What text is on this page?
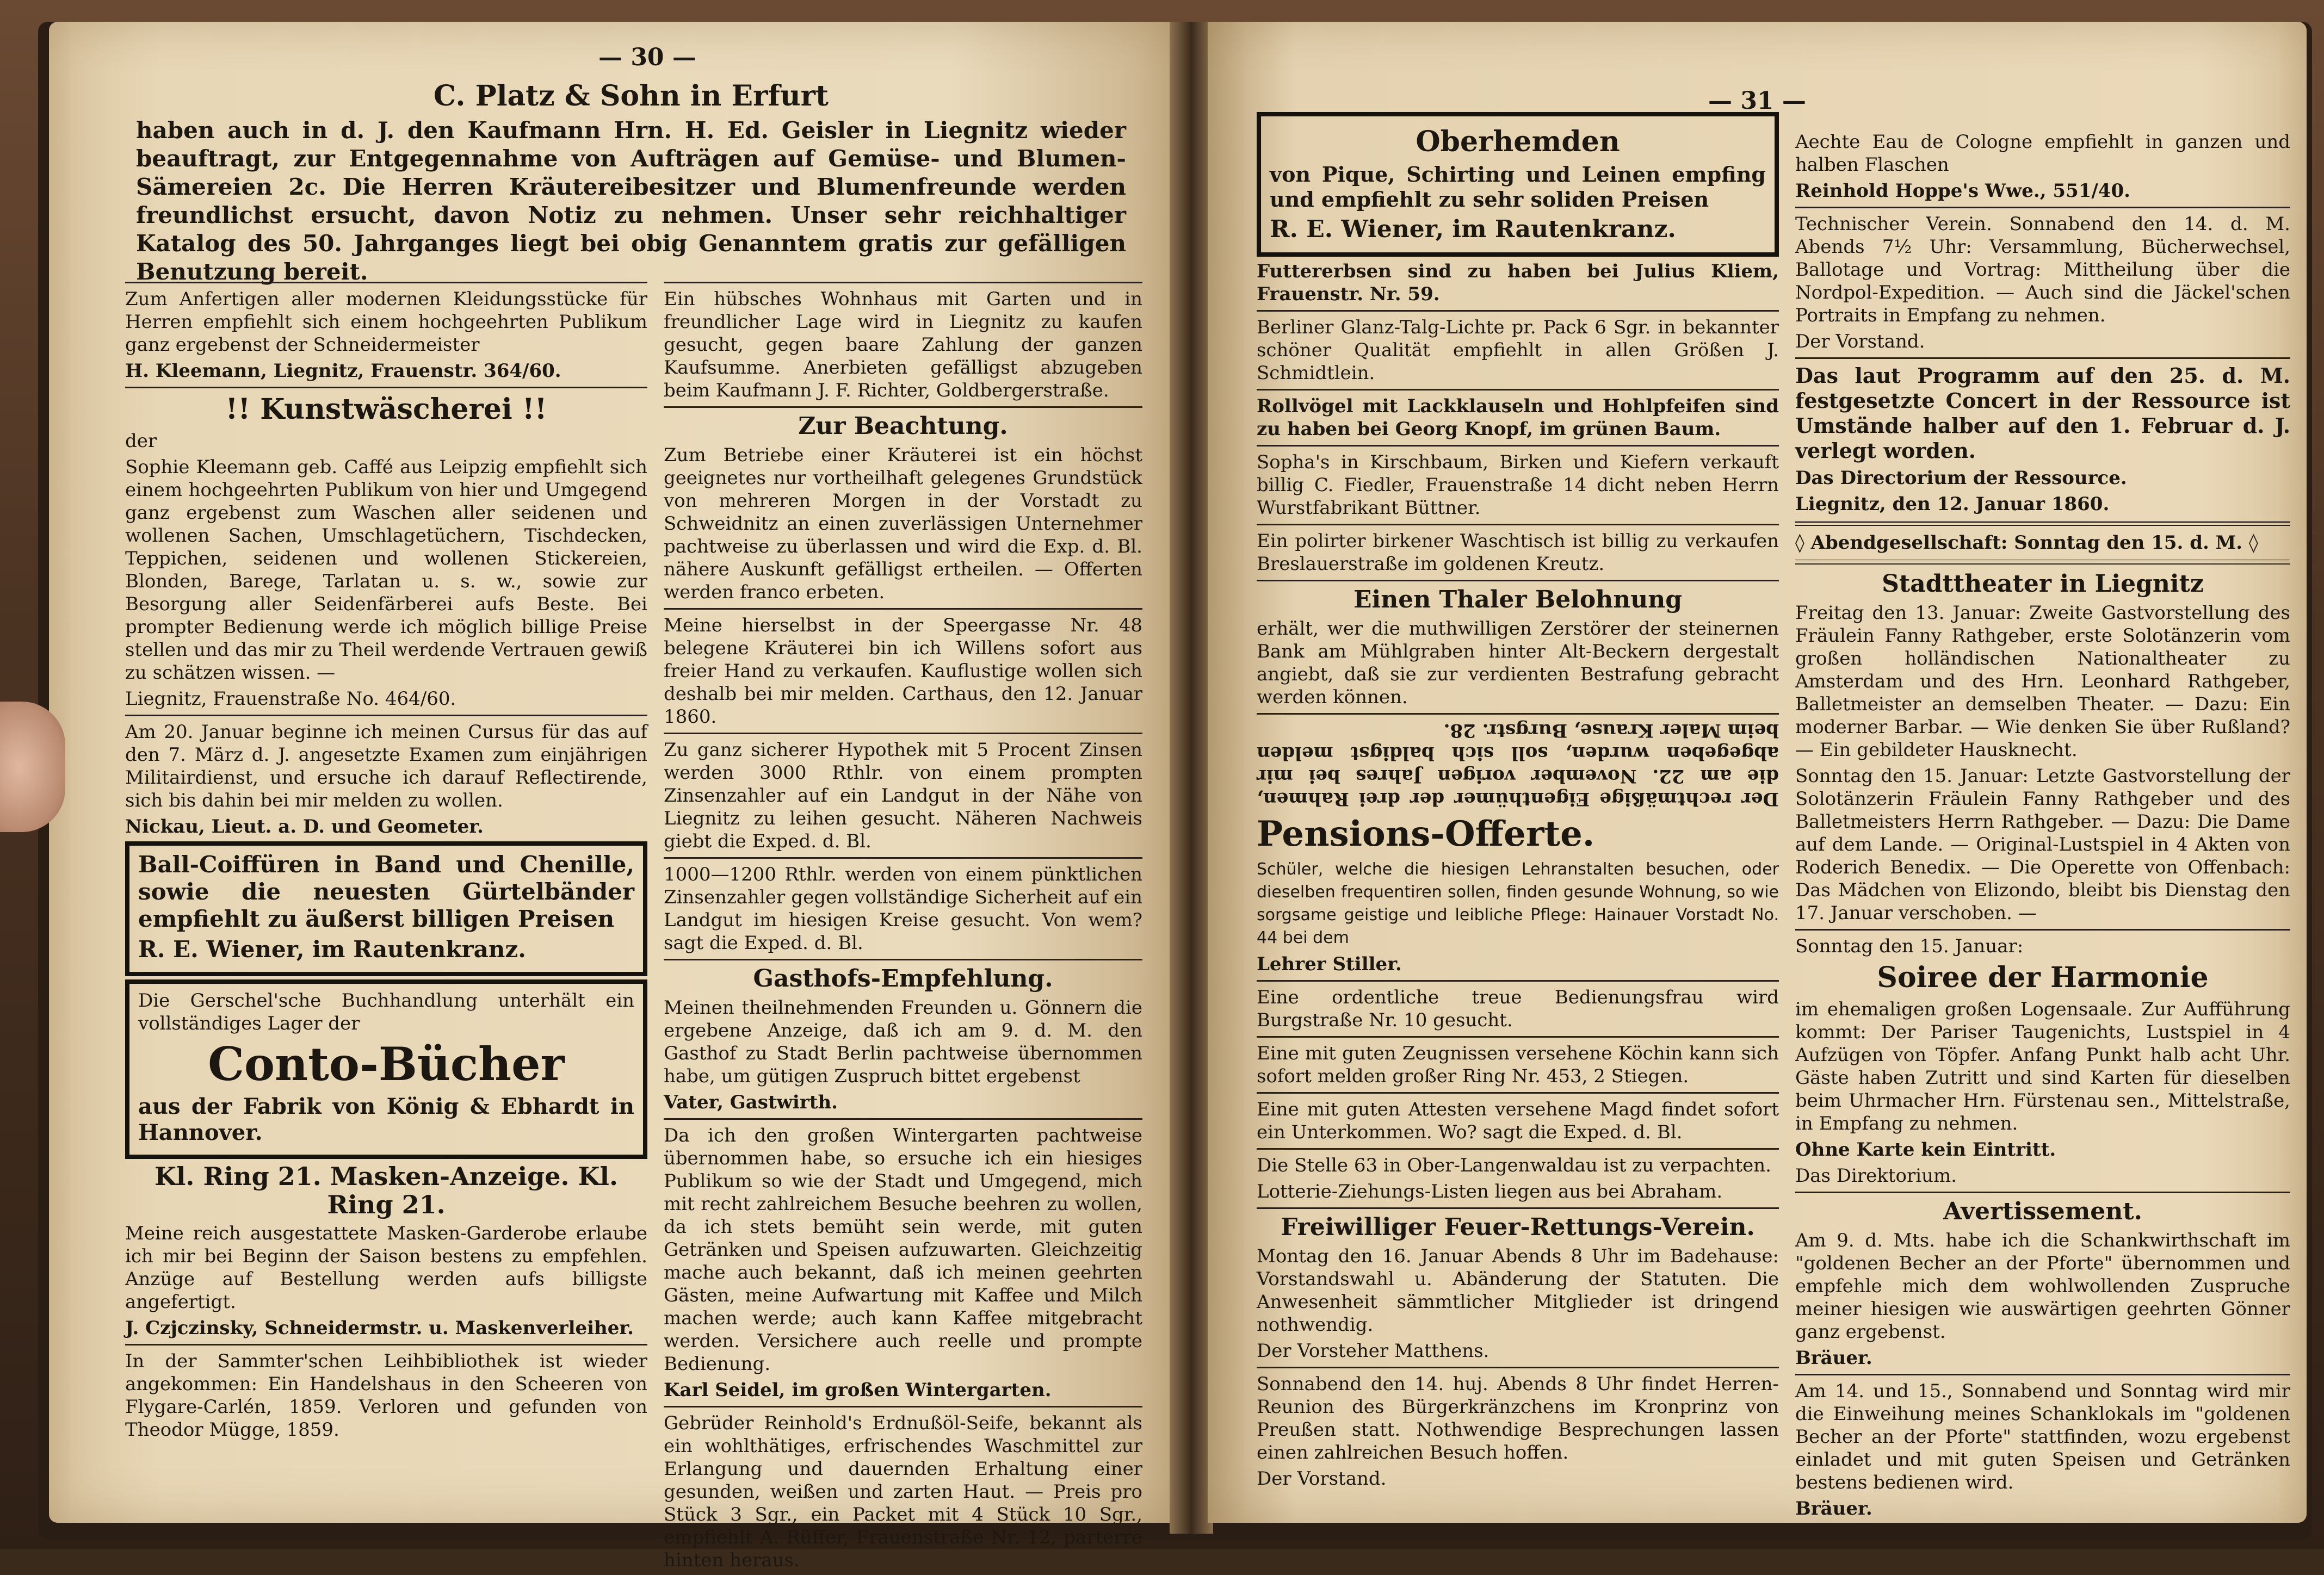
— 30 —
C. Platz & Sohn in Erfurt

haben auch in d. J. den Kaufmann Hrn. H. Ed. Geisler in Liegnitz wieder beauftragt, zur Entgegennahme von Aufträgen auf Gemüse- und Blumen-Sämereien 2c. Die Herren Kräutereibesitzer und Blumenfreunde werden freundlichst ersucht, davon Notiz zu nehmen. Unser sehr reichhaltiger Katalog des 50. Jahrganges liegt bei obig Genanntem gratis zur gefälligen Benutzung bereit.

Zum Anfertigen aller modernen Kleidungsstücke für Herren empfiehlt sich einem hochgeehrten Publikum ganz ergebenst der Schneidermeister

H. Kleemann, Liegnitz, Frauenstr. 364/60.

!! Kunstwäscherei !!

der

Sophie Kleemann geb. Caffé aus Leipzig empfiehlt sich einem hochgeehrten Publikum von hier und Umgegend ganz ergebenst zum Waschen aller seidenen und wollenen Sachen, Umschlagetüchern, Tischdecken, Teppichen, seidenen und wollenen Stickereien, Blonden, Barege, Tarlatan u. s. w., sowie zur Besorgung aller Seidenfärberei aufs Beste. Bei prompter Bedienung werde ich möglich billige Preise stellen und das mir zu Theil werdende Vertrauen gewiß zu schätzen wissen. —

Liegnitz, Frauenstraße No. 464/60.

Am 20. Januar beginne ich meinen Cursus für das auf den 7. März d. J. angesetzte Examen zum einjährigen Militairdienst, und ersuche ich darauf Reflectirende, sich bis dahin bei mir melden zu wollen.

Nickau, Lieut. a. D. und Geometer.

Ball-Coiffüren in Band und Chenille, sowie die neuesten Gürtelbänder empfiehlt zu äußerst billigen Preisen

R. E. Wiener, im Rautenkranz.

Die Gerschel'sche Buchhandlung unterhält ein vollständiges Lager der

Conto-Bücher

aus der Fabrik von König & Ebhardt in Hannover.

Kl. Ring 21. Masken-Anzeige. Kl. Ring 21.

Meine reich ausgestattete Masken-Garderobe erlaube ich mir bei Beginn der Saison bestens zu empfehlen. Anzüge auf Bestellung werden aufs billigste angefertigt.

J. Czjczinsky, Schneidermstr. u. Maskenverleiher.

In der Sammter'schen Leihbibliothek ist wieder angekommen: Ein Handelshaus in den Scheeren von Flygare-Carlén, 1859. Verloren und gefunden von Theodor Mügge, 1859.

Ein hübsches Wohnhaus mit Garten und in freundlicher Lage wird in Liegnitz zu kaufen gesucht, gegen baare Zahlung der ganzen Kaufsumme. Anerbieten gefälligst abzugeben beim Kaufmann J. F. Richter, Goldbergerstraße.

Zur Beachtung.

Zum Betriebe einer Kräuterei ist ein höchst geeignetes nur vortheilhaft gelegenes Grundstück von mehreren Morgen in der Vorstadt zu Schweidnitz an einen zuverlässigen Unternehmer pachtweise zu überlassen und wird die Exp. d. Bl. nähere Auskunft gefälligst ertheilen. — Offerten werden franco erbeten.

Meine hierselbst in der Speergasse Nr. 48 belegene Kräuterei bin ich Willens sofort aus freier Hand zu verkaufen. Kauflustige wollen sich deshalb bei mir melden. Carthaus, den 12. Januar 1860.

Zu ganz sicherer Hypothek mit 5 Procent Zinsen werden 3000 Rthlr. von einem prompten Zinsenzahler auf ein Landgut in der Nähe von Liegnitz zu leihen gesucht. Näheren Nachweis giebt die Exped. d. Bl.

1000—1200 Rthlr. werden von einem pünktlichen Zinsenzahler gegen vollständige Sicherheit auf ein Landgut im hiesigen Kreise gesucht. Von wem? sagt die Exped. d. Bl.

Gasthofs-Empfehlung.

Meinen theilnehmenden Freunden u. Gönnern die ergebene Anzeige, daß ich am 9. d. M. den Gasthof zu Stadt Berlin pachtweise übernommen habe, um gütigen Zuspruch bittet ergebenst

Vater, Gastwirth.

Da ich den großen Wintergarten pachtweise übernommen habe, so ersuche ich ein hiesiges Publikum so wie der Stadt und Umgegend, mich mit recht zahlreichem Besuche beehren zu wollen, da ich stets bemüht sein werde, mit guten Getränken und Speisen aufzuwarten. Gleichzeitig mache auch bekannt, daß ich meinen geehrten Gästen, meine Aufwartung mit Kaffee und Milch machen werde; auch kann Kaffee mitgebracht werden. Versichere auch reelle und prompte Bedienung.

Karl Seidel, im großen Wintergarten.

Gebrüder Reinhold's Erdnußöl-Seife, bekannt als ein wohlthätiges, erfrischendes Waschmittel zur Erlangung und dauernden Erhaltung einer gesunden, weißen und zarten Haut. — Preis pro Stück 3 Sgr., ein Packet mit 4 Stück 10 Sgr., empfiehlt A. Rüffer, Frauenstraße Nr. 12, parterre hinten heraus.

— 31 —
Oberhemden

von Pique, Schirting und Leinen empfing und empfiehlt zu sehr soliden Preisen

R. E. Wiener, im Rautenkranz.

Futtererbsen sind zu haben bei Julius Kliem, Frauenstr. Nr. 59.

Berliner Glanz-Talg-Lichte pr. Pack 6 Sgr. in bekannter schöner Qualität empfiehlt in allen Größen J. Schmidtlein.

Rollvögel mit Lackklauseln und Hohlpfeifen sind zu haben bei Georg Knopf, im grünen Baum.

Sopha's in Kirschbaum, Birken und Kiefern verkauft billig C. Fiedler, Frauenstraße 14 dicht neben Herrn Wurstfabrikant Büttner.

Ein polirter birkener Waschtisch ist billig zu verkaufen Breslauerstraße im goldenen Kreutz.

Einen Thaler Belohnung

erhält, wer die muthwilligen Zerstörer der steinernen Bank am Mühlgraben hinter Alt-Beckern dergestalt angiebt, daß sie zur verdienten Bestrafung gebracht werden können.

Der rechtmäßige Eigenthümer der drei Rahmen, die am 22. November vorigen Jahres bei mir abgegeben wurden, soll sich baldigst melden beim Maler Krause, Burgstr. 28.

Pensions-Offerte.

Schüler, welche die hiesigen Lehranstalten besuchen, oder dieselben frequentiren sollen, finden gesunde Wohnung, so wie sorgsame geistige und leibliche Pflege: Hainauer Vorstadt No. 44 bei dem

Lehrer Stiller.

Eine ordentliche treue Bedienungsfrau wird Burgstraße Nr. 10 gesucht.

Eine mit guten Zeugnissen versehene Köchin kann sich sofort melden großer Ring Nr. 453, 2 Stiegen.

Eine mit guten Attesten versehene Magd findet sofort ein Unterkommen. Wo? sagt die Exped. d. Bl.

Die Stelle 63 in Ober-Langenwaldau ist zu verpachten.

Lotterie-Ziehungs-Listen liegen aus bei Abraham.

Freiwilliger Feuer-Rettungs-Verein.

Montag den 16. Januar Abends 8 Uhr im Badehause: Vorstandswahl u. Abänderung der Statuten. Die Anwesenheit sämmtlicher Mitglieder ist dringend nothwendig.

Der Vorsteher Matthens.

Sonnabend den 14. huj. Abends 8 Uhr findet Herren-Reunion des Bürgerkränzchens im Kronprinz von Preußen statt. Nothwendige Besprechungen lassen einen zahlreichen Besuch hoffen.

Der Vorstand.

Aechte Eau de Cologne empfiehlt in ganzen und halben Flaschen

Reinhold Hoppe's Wwe., 551/40.

Technischer Verein. Sonnabend den 14. d. M. Abends 7½ Uhr: Versammlung, Bücherwechsel, Ballotage und Vortrag: Mittheilung über die Nordpol-Expedition. — Auch sind die Jäckel'schen Portraits in Empfang zu nehmen.

Der Vorstand.

Das laut Programm auf den 25. d. M. festgesetzte Concert in der Ressource ist Umstände halber auf den 1. Februar d. J. verlegt worden.

Das Directorium der Ressource.

Liegnitz, den 12. Januar 1860.

◊ Abendgesellschaft: Sonntag den 15. d. M. ◊

Stadttheater in Liegnitz

Freitag den 13. Januar: Zweite Gastvorstellung des Fräulein Fanny Rathgeber, erste Solotänzerin vom großen holländischen Nationaltheater zu Amsterdam und des Hrn. Leonhard Rathgeber, Balletmeister an demselben Theater. — Dazu: Ein moderner Barbar. — Wie denken Sie über Rußland? — Ein gebildeter Hausknecht.

Sonntag den 15. Januar: Letzte Gastvorstellung der Solotänzerin Fräulein Fanny Rathgeber und des Balletmeisters Herrn Rathgeber. — Dazu: Die Dame auf dem Lande. — Original-Lustspiel in 4 Akten von Roderich Benedix. — Die Operette von Offenbach: Das Mädchen von Elizondo, bleibt bis Dienstag den 17. Januar verschoben. —

Sonntag den 15. Januar:

Soiree der Harmonie

im ehemaligen großen Logensaale. Zur Aufführung kommt: Der Pariser Taugenichts, Lustspiel in 4 Aufzügen von Töpfer. Anfang Punkt halb acht Uhr. Gäste haben Zutritt und sind Karten für dieselben beim Uhrmacher Hrn. Fürstenau sen., Mittelstraße, in Empfang zu nehmen.

Ohne Karte kein Eintritt.

Das Direktorium.

Avertissement.

Am 9. d. Mts. habe ich die Schankwirthschaft im "goldenen Becher an der Pforte" übernommen und empfehle mich dem wohlwollenden Zuspruche meiner hiesigen wie auswärtigen geehrten Gönner ganz ergebenst.

Bräuer.

Am 14. und 15., Sonnabend und Sonntag wird mir die Einweihung meines Schanklokals im "goldenen Becher an der Pforte" stattfinden, wozu ergebenst einladet und mit guten Speisen und Getränken bestens bedienen wird.

Bräuer.
